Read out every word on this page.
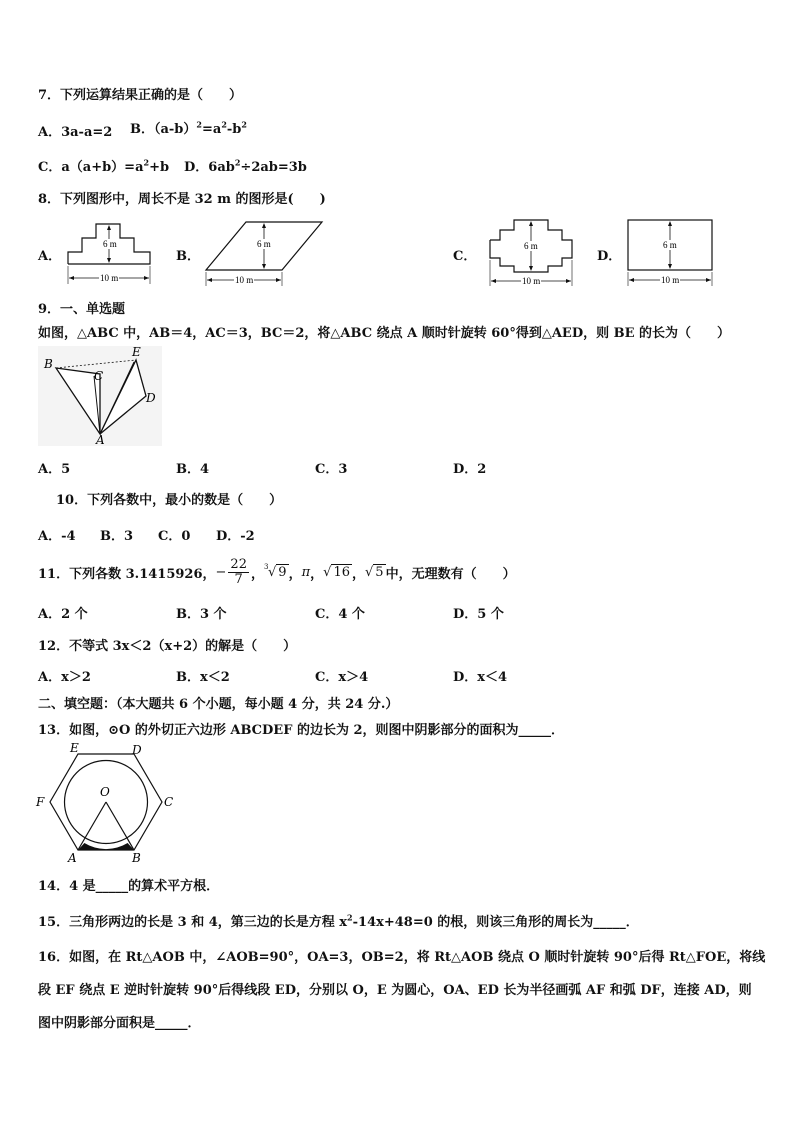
7．下列运算结果正确的是（　　）
A．3a-a=2 B．$(a-b)^2=a^2-b^2$
C．$a(a+b)=a^2+b$ D．$6ab^2\div 2ab=3b$
8．下列图形中，周长不是 32 m 的图形是(　　)
A．
6 m
10 m
B．
6 m
10 m
C．
6 m
10 m
D．
6 m
10 m
9．一、单选题
如图，△ABC 中，AB＝4，AC＝3，BC＝2，将△ABC 绕点 A 顺时针旋转 60°得到△AED，则 BE 的长为（　　）
B
C
E
D
A
A．5	B．4	C．3	D．2
10．下列各数中，最小的数是（　　）
A．-4 B．3 C．0 D．-2
11．下列各数 3.1415926， − $\frac{22}{7}$ ， 3 √ 9 ， π ， √ 16 ， √ 5 中，无理数有（　　）
A．2 个	B．3 个	C．4 个	D．5 个
12．不等式 3x＜2（x+2）的解是（　　）
A．x＞2	B．x＜2	C．x＞4	D．x＜4
二、填空题：（本大题共 6 个小题，每小题 4 分，共 24 分.）
13．如图，⊙O 的外切正六边形 ABCDEF 的边长为 2，则图中阴影部分的面积为_____．
E	D
F	C
O
A	B
14．4 是_____的算术平方根．
15．三角形两边的长是 3 和 4，第三边的长是方程 $x^2-14x+48=0$ 的根，则该三角形的周长为_____．
16．如图，在 Rt△AOB 中，∠AOB=90°，OA=3，OB=2，将 Rt△AOB 绕点 O 顺时针旋转 90°后得 Rt△FOE，将线
段 EF 绕点 E 逆时针旋转 90°后得线段 ED，分别以 O，E 为圆心，OA、ED 长为半径画弧 AF 和弧 DF，连接 AD，则
图中阴影部分面积是_____．
